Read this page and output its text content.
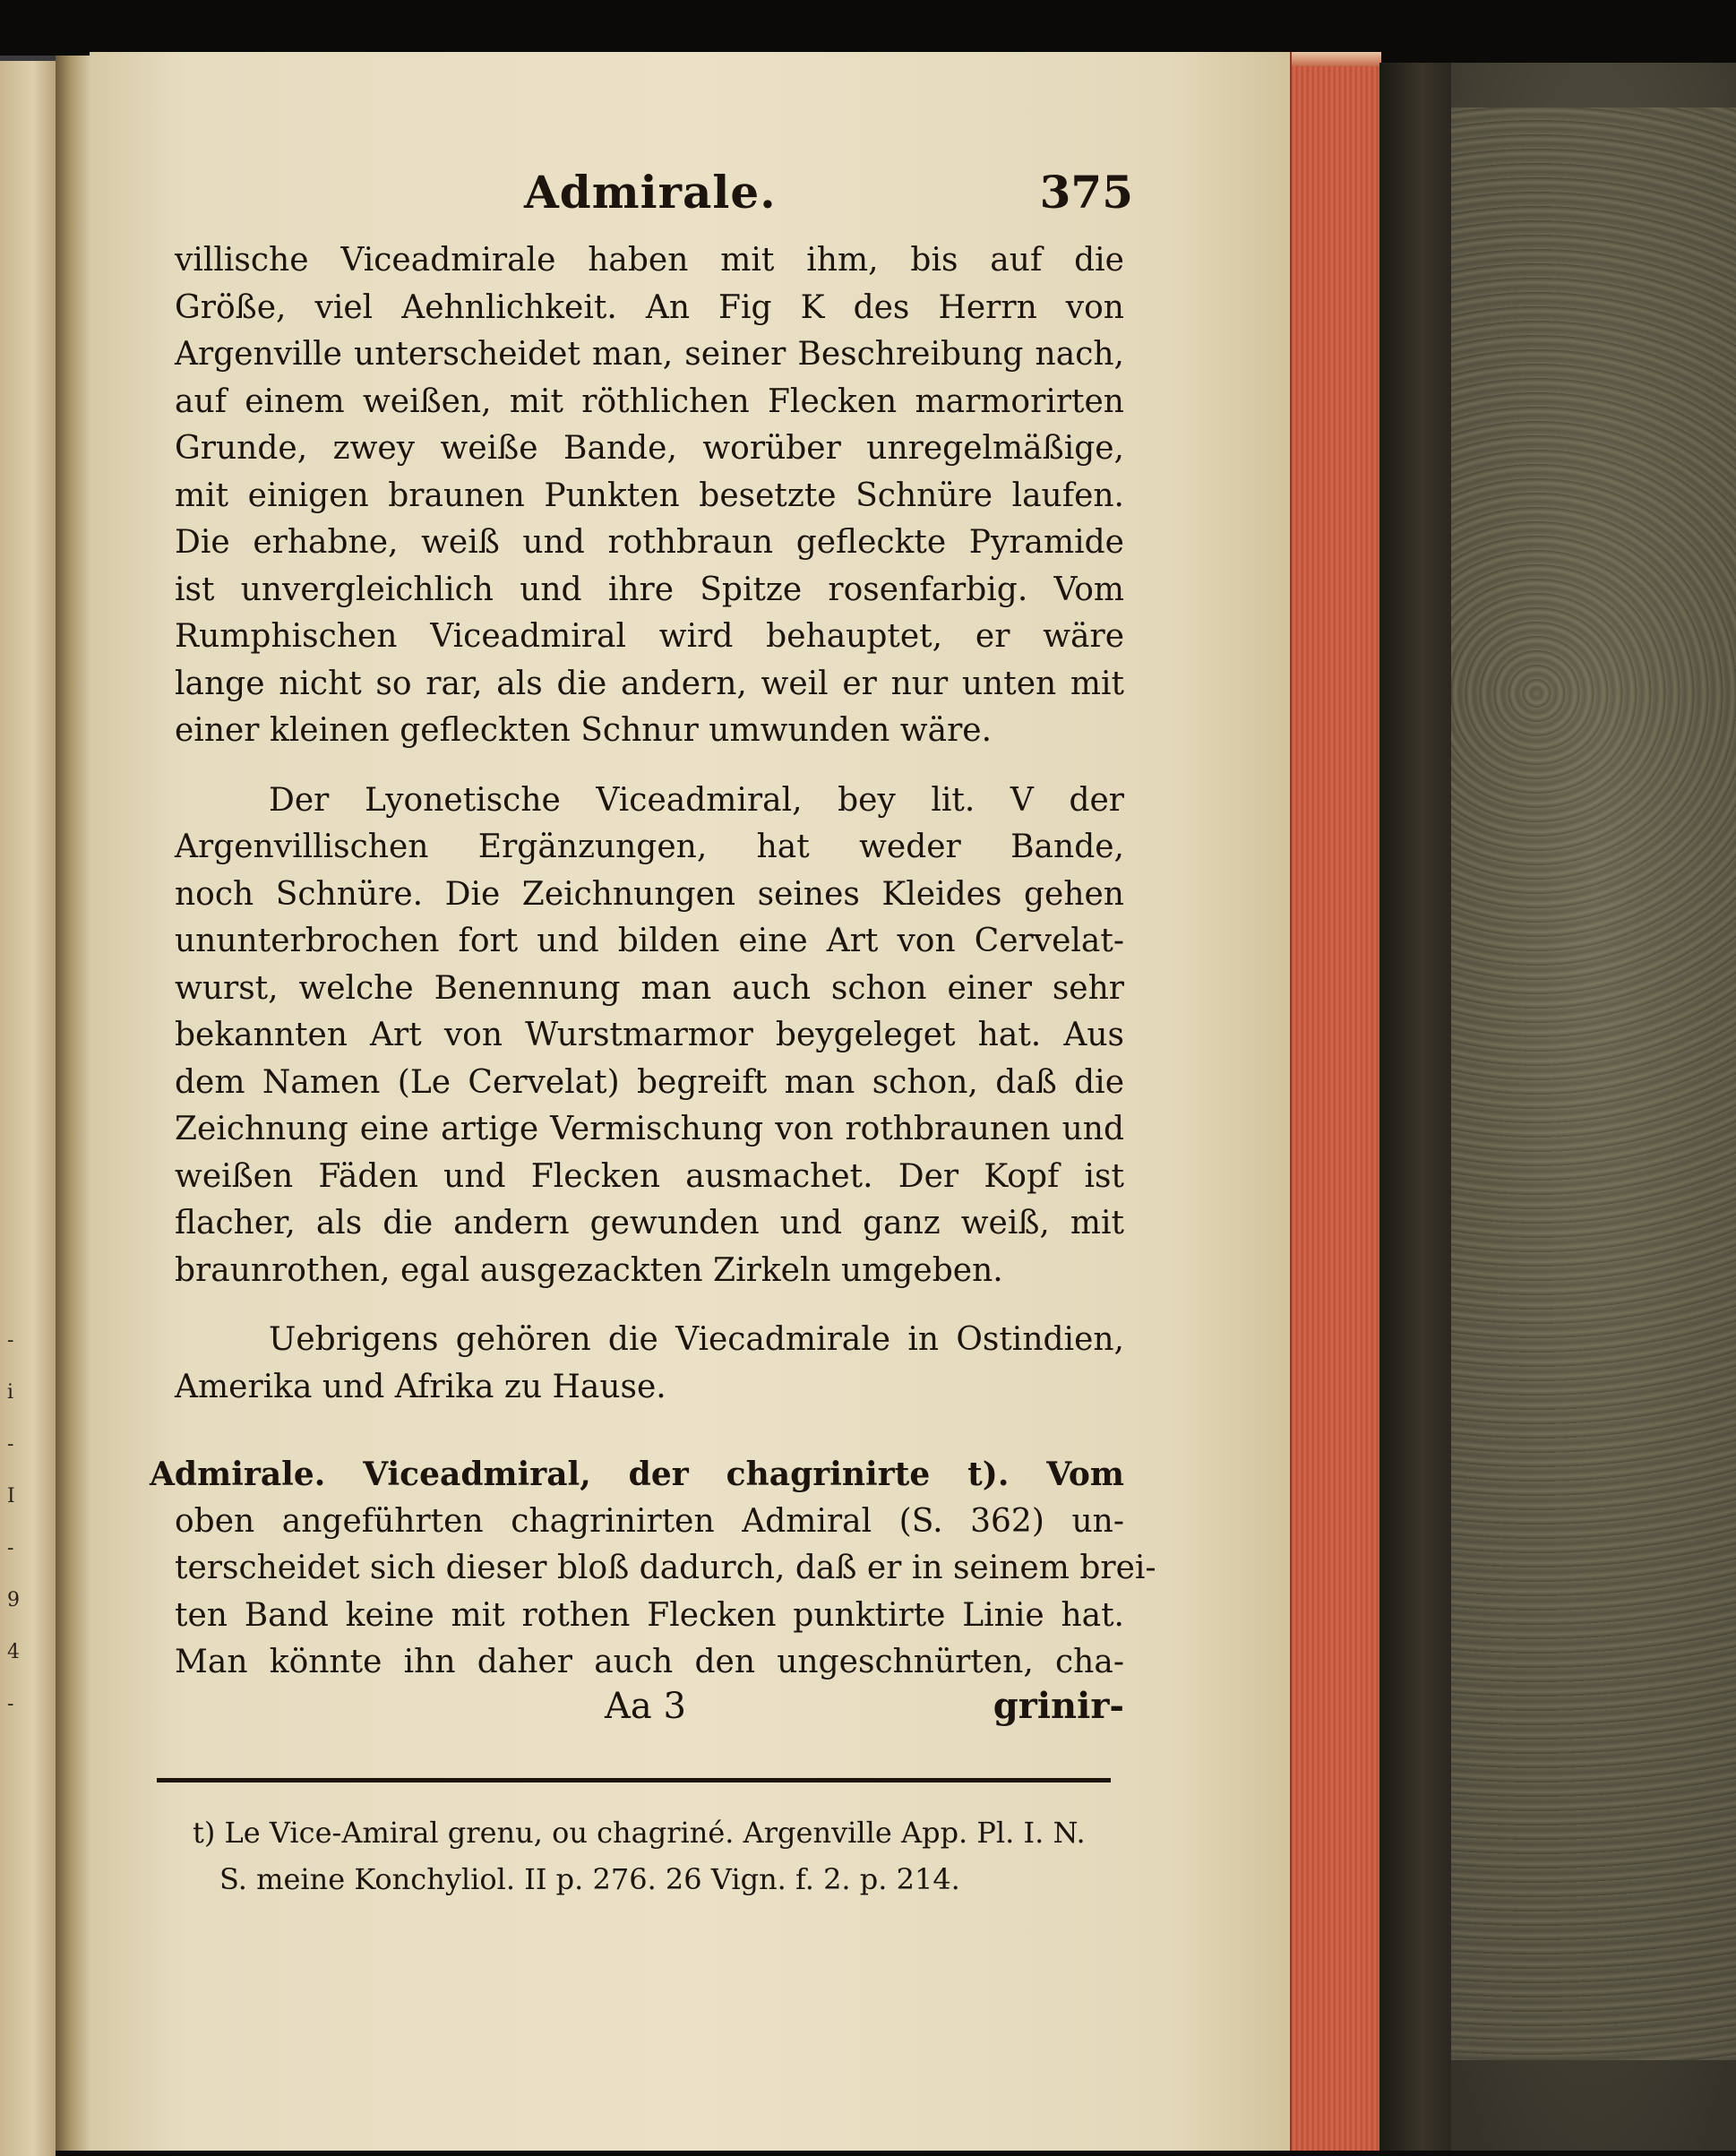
-
i
-
I
-
9
4
-
Admirale.	375
villische Viceadmirale haben mit ihm, bis auf die
Größe, viel Aehnlichkeit. An Fig K des Herrn von
Argenville unterscheidet man, seiner Beschreibung nach,
auf einem weißen, mit röthlichen Flecken marmorirten
Grunde, zwey weiße Bande, worüber unregelmäßige,
mit einigen braunen Punkten besetzte Schnüre laufen.
Die erhabne, weiß und rothbraun gefleckte Pyramide
ist unvergleichlich und ihre Spitze rosenfarbig. Vom
Rumphischen Viceadmiral wird behauptet, er wäre
lange nicht so rar, als die andern, weil er nur unten mit
einer kleinen gefleckten Schnur umwunden wäre.
Der Lyonetische Viceadmiral, bey lit. V der
Argenvillischen Ergänzungen, hat weder Bande,
noch Schnüre. Die Zeichnungen seines Kleides gehen
ununterbrochen fort und bilden eine Art von Cervelat-
wurst, welche Benennung man auch schon einer sehr
bekannten Art von Wurstmarmor beygeleget hat. Aus
dem Namen (Le Cervelat) begreift man schon, daß die
Zeichnung eine artige Vermischung von rothbraunen und
weißen Fäden und Flecken ausmachet. Der Kopf ist
flacher, als die andern gewunden und ganz weiß, mit
braunrothen, egal ausgezackten Zirkeln umgeben.
Uebrigens gehören die Viecadmirale in Ostindien,
Amerika und Afrika zu Hause.
Admirale. Viceadmiral, der chagrinirte t). Vom
oben angeführten chagrinirten Admiral (S. 362) un-
terscheidet sich dieser bloß dadurch, daß er in seinem brei-
ten Band keine mit rothen Flecken punktirte Linie hat.
Man könnte ihn daher auch den ungeschnürten, cha-
Aa 3	grinir-
t) Le Vice-Amiral grenu, ou chagriné. Argenville App. Pl. I. N.
S. meine Konchyliol. II p. 276. 26 Vign. f. 2. p. 214.
